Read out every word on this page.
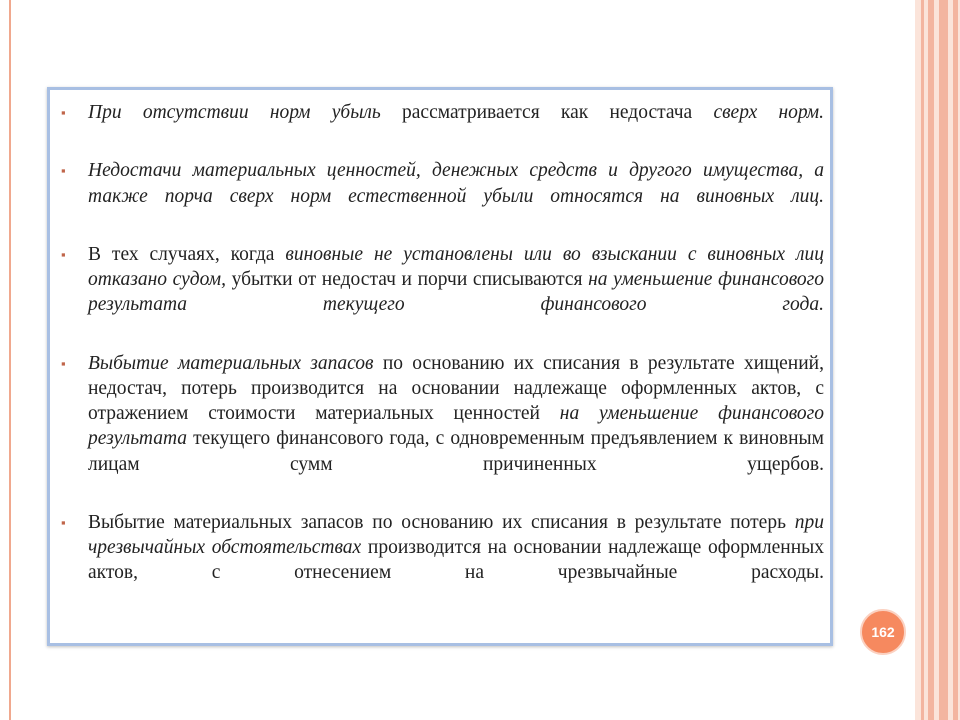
▪ При отсутствии норм убыль рассматривается как недостача сверх норм.
▪ Недостачи материальных ценностей, денежных средств и другого имущества, а также порча сверх норм естественной убыли относятся на виновных лиц.
▪ В тех случаях, когда виновные не установлены или во взыскании с виновных лиц отказано судом, убытки от недостач и порчи списываются на уменьшение финансового результата текущего финансового года.
▪ Выбытие материальных запасов по основанию их списания в результате хищений, недостач, потерь производится на основании надлежаще оформленных актов, с отражением стоимости материальных ценностей на уменьшение финансового результата текущего финансового года, с одновременным предъявлением к виновным лицам сумм причиненных ущербов.
▪ Выбытие материальных запасов по основанию их списания в результате потерь при чрезвычайных обстоятельствах производится на основании надлежаще оформленных актов, с отнесением на чрезвычайные расходы.
162
